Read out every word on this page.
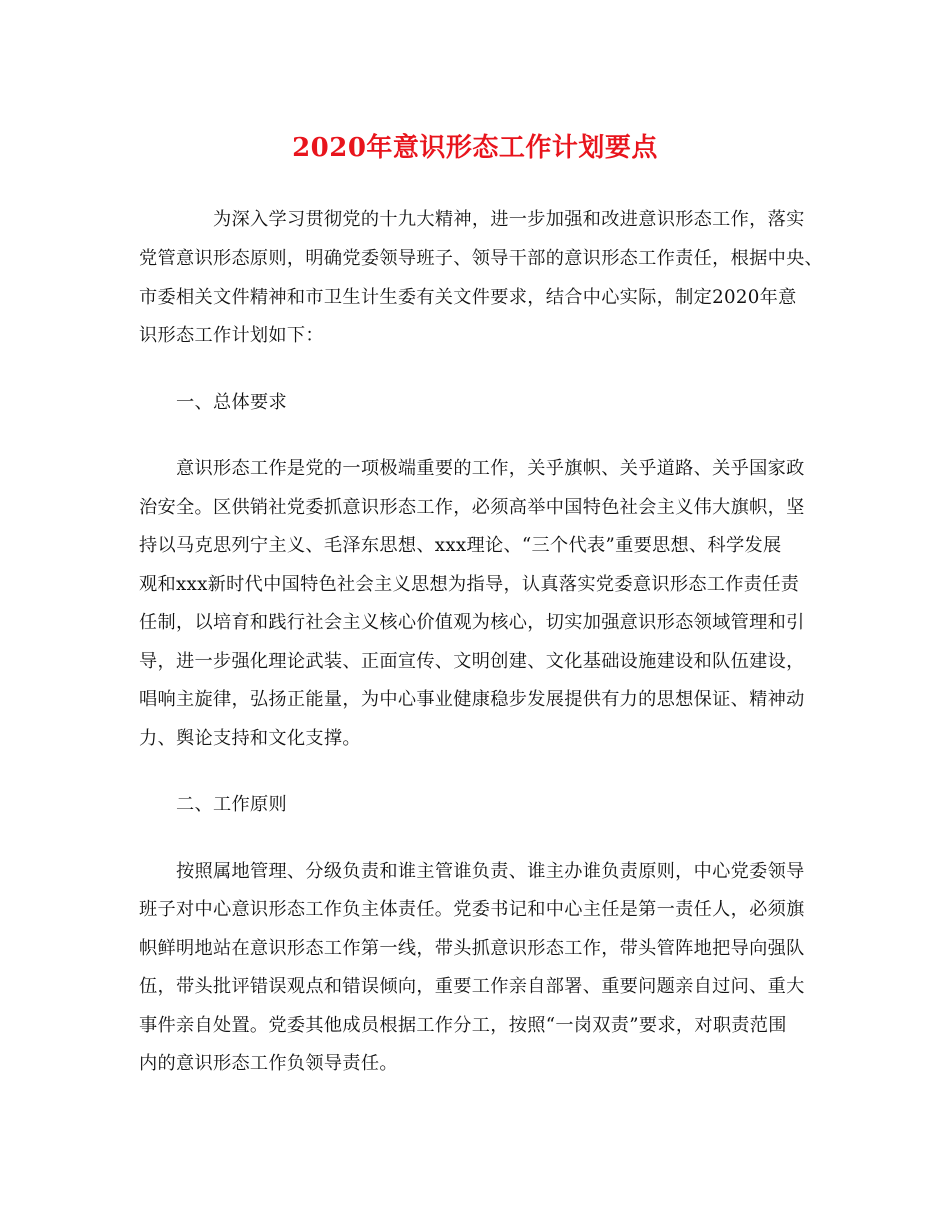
2020年意识形态工作计划要点
为深入学习贯彻党的十九大精神，进一步加强和改进意识形态工作，落实
党管意识形态原则，明确党委领导班子、领导干部的意识形态工作责任，根据中央、
市委相关文件精神和市卫生计生委有关文件要求，结合中心实际，制定2020年意
识形态工作计划如下：
一、总体要求
意识形态工作是党的一项极端重要的工作，关乎旗帜、关乎道路、关乎国家政
治安全。区供销社党委抓意识形态工作，必须高举中国特色社会主义伟大旗帜，坚
持以马克思列宁主义、毛泽东思想、xxx理论、“三个代表”重要思想、科学发展
观和xxx新时代中国特色社会主义思想为指导，认真落实党委意识形态工作责任责
任制，以培育和践行社会主义核心价值观为核心，切实加强意识形态领域管理和引
导，进一步强化理论武装、正面宣传、文明创建、文化基础设施建设和队伍建设，
唱响主旋律，弘扬正能量，为中心事业健康稳步发展提供有力的思想保证、精神动
力、舆论支持和文化支撑。
二、工作原则
按照属地管理、分级负责和谁主管谁负责、谁主办谁负责原则，中心党委领导
班子对中心意识形态工作负主体责任。党委书记和中心主任是第一责任人，必须旗
帜鲜明地站在意识形态工作第一线，带头抓意识形态工作，带头管阵地把导向强队
伍，带头批评错误观点和错误倾向，重要工作亲自部署、重要问题亲自过问、重大
事件亲自处置。党委其他成员根据工作分工，按照“一岗双责”要求，对职责范围
内的意识形态工作负领导责任。
